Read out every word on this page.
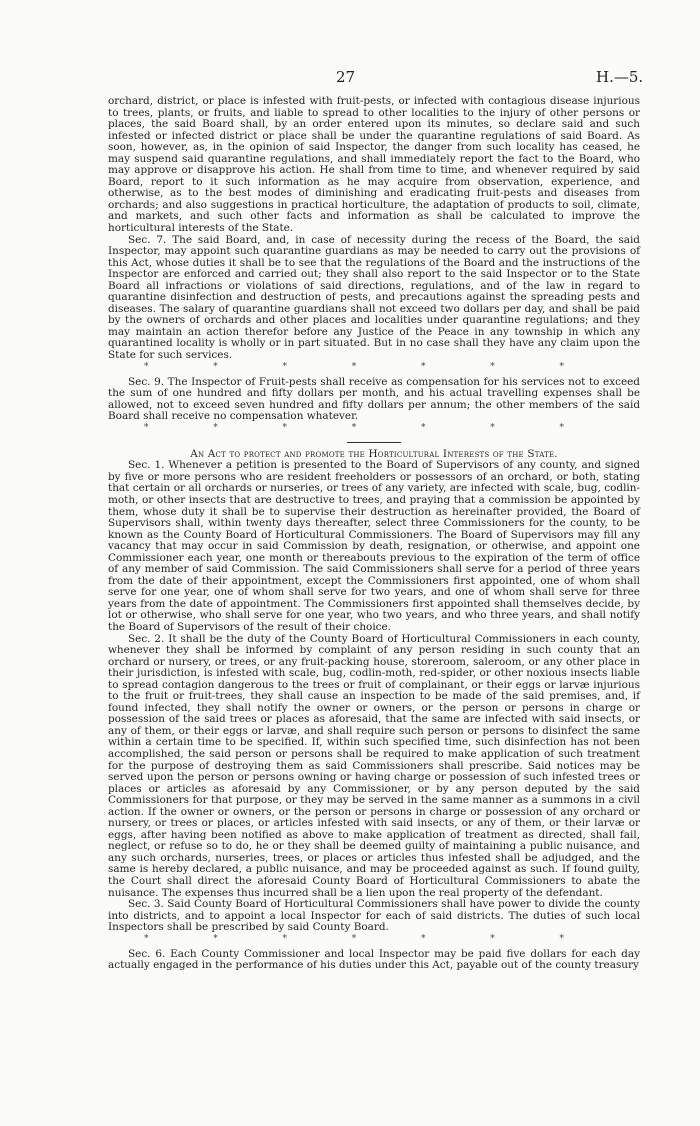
27	H.—5.

orchard, district, or place is infested with fruit-pests, or infected with contagious disease injurious to trees, plants, or fruits, and liable to spread to other localities to the injury of other persons or places, the said Board shall, by an order entered upon its minutes, so declare said and such infested or infected district or place shall be under the quarantine regulations of said Board. As soon, however, as, in the opinion of said Inspector, the danger from such locality has ceased, he may suspend said quarantine regulations, and shall immediately report the fact to the Board, who may approve or disapprove his action. He shall from time to time, and whenever required by said Board, report to it such information as he may acquire from observation, experience, and otherwise, as to the best modes of diminishing and eradicating fruit-pests and diseases from orchards; and also suggestions in practical horticulture, the adaptation of products to soil, climate, and markets, and such other facts and information as shall be calculated to improve the horticultural interests of the State.

Sec. 7. The said Board, and, in case of necessity during the recess of the Board, the said Inspector, may appoint such quarantine guardians as may be needed to carry out the provisions of this Act, whose duties it shall be to see that the regulations of the Board and the instructions of the Inspector are enforced and carried out; they shall also report to the said Inspector or to the State Board all infractions or violations of said directions, regulations, and of the law in regard to quarantine disinfection and destruction of pests, and precautions against the spreading pests and diseases. The salary of quarantine guardians shall not exceed two dollars per day, and shall be paid by the owners of orchards and other places and localities under quarantine regulations; and they may maintain an action therefor before any Justice of the Peace in any township in which any quarantined locality is wholly or in part situated. But in no case shall they have any claim upon the State for such services.

*	*	*	*	*	*	*

Sec. 9. The Inspector of Fruit-pests shall receive as compensation for his services not to exceed the sum of one hundred and fifty dollars per month, and his actual travelling expenses shall be allowed, not to exceed seven hundred and fifty dollars per annum; the other members of the said Board shall receive no compensation whatever.

*	*	*	*	*	*	*

An Act to protect and promote the Horticultural Interests of the State.

Sec. 1. Whenever a petition is presented to the Board of Supervisors of any county, and signed by five or more persons who are resident freeholders or possessors of an orchard, or both, stating that certain or all orchards or nurseries, or trees of any variety, are infected with scale, bug, codlin-moth, or other insects that are destructive to trees, and praying that a commission be appointed by them, whose duty it shall be to supervise their destruction as hereinafter provided, the Board of Supervisors shall, within twenty days thereafter, select three Commissioners for the county, to be known as the County Board of Horticultural Commissioners. The Board of Supervisors may fill any vacancy that may occur in said Commission by death, resignation, or otherwise, and appoint one Commissioner each year, one month or thereabouts previous to the expiration of the term of office of any member of said Commission. The said Commissioners shall serve for a period of three years from the date of their appointment, except the Commissioners first appointed, one of whom shall serve for one year, one of whom shall serve for two years, and one of whom shall serve for three years from the date of appointment. The Commissioners first appointed shall themselves decide, by lot or otherwise, who shall serve for one year, who two years, and who three years, and shall notify the Board of Supervisors of the result of their choice.

Sec. 2. It shall be the duty of the County Board of Horticultural Commissioners in each county, whenever they shall be informed by complaint of any person residing in such county that an orchard or nursery, or trees, or any fruit-packing house, storeroom, saleroom, or any other place in their jurisdiction, is infested with scale, bug, codlin-moth, red-spider, or other noxious insects liable to spread contagion dangerous to the trees or fruit of complainant, or their eggs or larvæ injurious to the fruit or fruit-trees, they shall cause an inspection to be made of the said premises, and, if found infected, they shall notify the owner or owners, or the person or persons in charge or possession of the said trees or places as aforesaid, that the same are infected with said insects, or any of them, or their eggs or larvæ, and shall require such person or persons to disinfect the same within a certain time to be specified. If, within such specified time, such disinfection has not been accomplished, the said person or persons shall be required to make application of such treatment for the purpose of destroying them as said Commissioners shall prescribe. Said notices may be served upon the person or persons owning or having charge or possession of such infested trees or places or articles as aforesaid by any Commissioner, or by any person deputed by the said Commissioners for that purpose, or they may be served in the same manner as a summons in a civil action. If the owner or owners, or the person or persons in charge or possession of any orchard or nursery, or trees or places, or articles infested with said insects, or any of them, or their larvæ or eggs, after having been notified as above to make application of treatment as directed, shall fail, neglect, or refuse so to do, he or they shall be deemed guilty of maintaining a public nuisance, and any such orchards, nurseries, trees, or places or articles thus infested shall be adjudged, and the same is hereby declared, a public nuisance, and may be proceeded against as such. If found guilty, the Court shall direct the aforesaid County Board of Horticultural Commissioners to abate the nuisance. The expenses thus incurred shall be a lien upon the real property of the defendant.

Sec. 3. Said County Board of Horticultural Commissioners shall have power to divide the county into districts, and to appoint a local Inspector for each of said districts. The duties of such local Inspectors shall be prescribed by said County Board.

*	*	*	*	*	*	*

Sec. 6. Each County Commissioner and local Inspector may be paid five dollars for each day actually engaged in the performance of his duties under this Act, payable out of the county treasury
